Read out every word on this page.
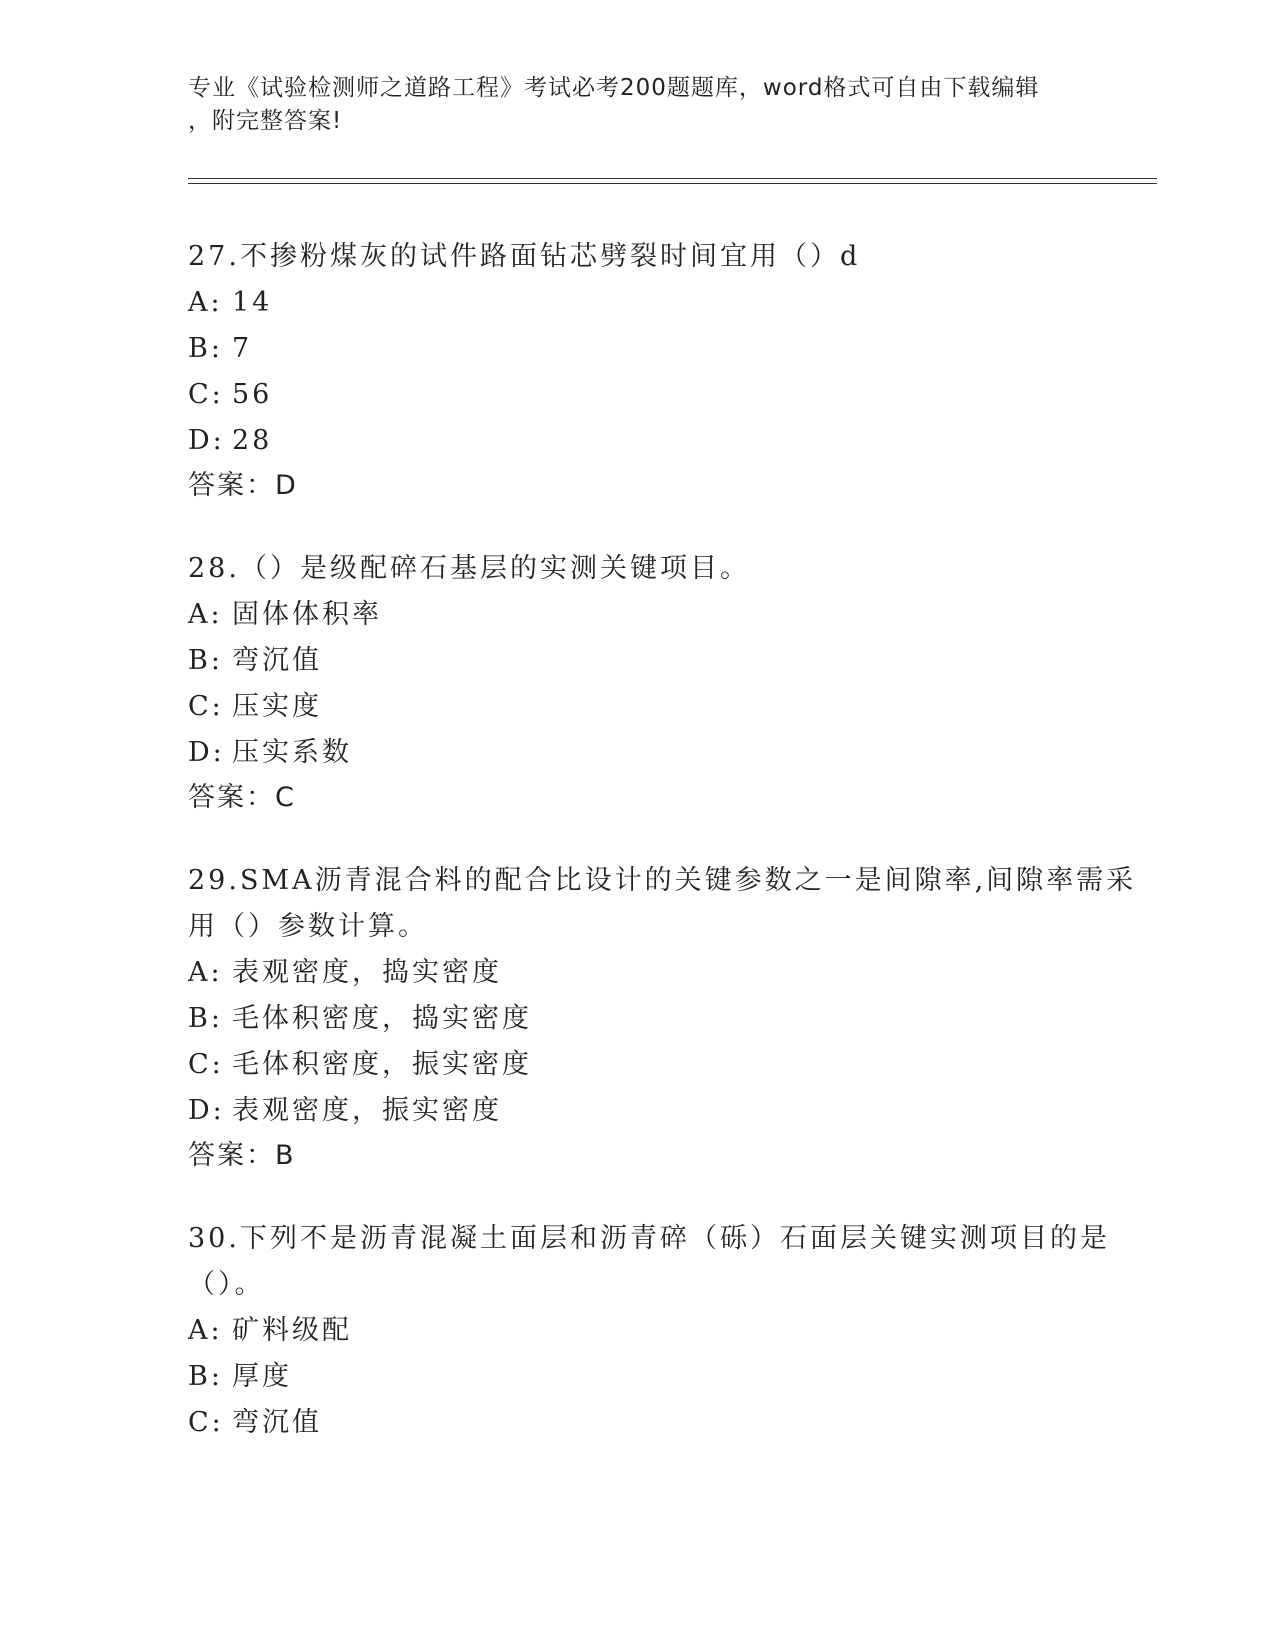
专业《试验检测师之道路工程》考试必考200题题库，word格式可自由下载编辑
，附完整答案!
27.不掺粉煤灰的试件路面钻芯劈裂时间宜用（）d
A: 14
B: 7
C: 56
D: 28
答案：D
28.（）是级配碎石基层的实测关键项目。
A: 固体体积率
B: 弯沉值
C: 压实度
D: 压实系数
答案：C
29.SMA沥青混合料的配合比设计的关键参数之一是间隙率,间隙率需采
用（）参数计算。
A: 表观密度，捣实密度
B: 毛体积密度，捣实密度
C: 毛体积密度，振实密度
D: 表观密度，振实密度
答案：B
30.下列不是沥青混凝土面层和沥青碎（砾）石面层关键实测项目的是
（）。
A: 矿料级配
B: 厚度
C: 弯沉值
